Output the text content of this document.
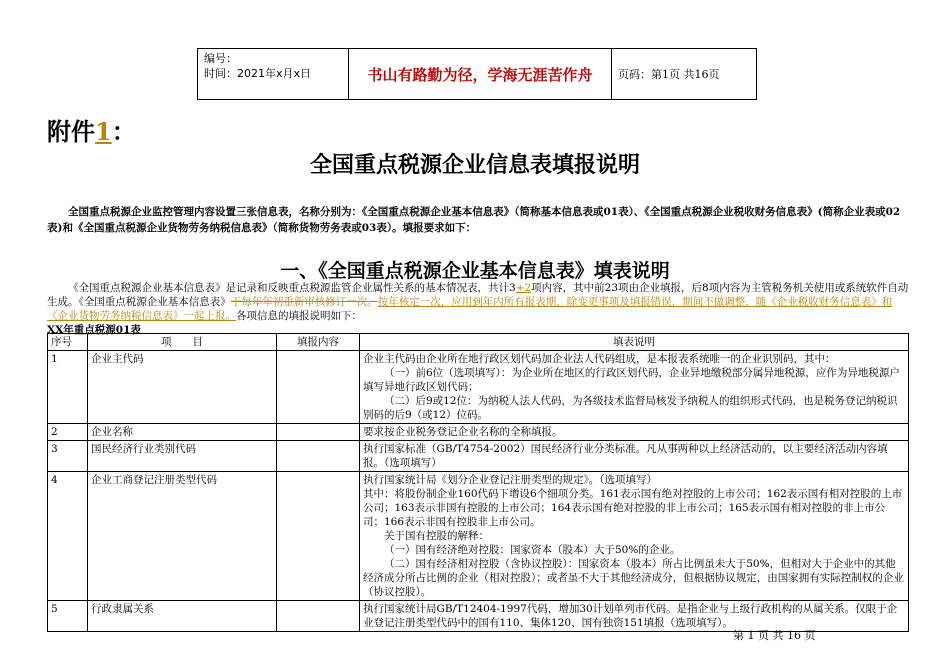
编号：
时间：2021年x月x日	书山有路勤为径，学海无涯苦作舟	页码：第1页 共16页
附件1：
全国重点税源企业信息表填报说明
全国重点税源企业监控管理内容设置三张信息表，名称分别为：《全国重点税源企业基本信息表》（简称基本信息表或01表）、《全国重点税源企业税收财务信息表》(简称企业表或02表)和《全国重点税源企业货物劳务纳税信息表》（简称货物劳务表或03表）。填报要求如下：
一、《全国重点税源企业基本信息表》填表说明
《全国重点税源企业基本信息表》是记录和反映重点税源监管企业属性关系的基本情况表，共计3+2项内容，其中前23项由企业填报，后8项内容为主管税务机关使用或系统软件自动生成。《全国重点税源企业基本信息表》于每年年初重新审核修订一次。按年核定一次，应用到年内所有报表期，除变更事项及填报错误，期间不做调整，随《企业税收财务信息表》和《企业货物劳务纳税信息表》一起上报。各项信息的填报说明如下：
XX年重点税源01表
序号	项　　目	填报内容	填表说明
1	企业主代码		企业主代码由企业所在地行政区划代码加企业法人代码组成，是本报表系统唯一的企业识别码，其中：
（一）前6位（选项填写）：为企业所在地区的行政区划代码，企业异地缴税部分属异地税源，应作为异地税源户填写异地行政区划代码；
（二）后9或12位：为纳税人法人代码，为各级技术监督局核发予纳税人的组织形式代码，也是税务登记纳税识别码的后9（或12）位码。

2	企业名称		要求按企业税务登记企业名称的全称填报。
3	国民经济行业类别代码		执行国家标准（GB/T4754-2002）国民经济行业分类标准。凡从事两种以上经济活动的，以主要经济活动内容填报。（选项填写）
4	企业工商登记注册类型代码		执行国家统计局《划分企业登记注册类型的规定》。（选项填写）
其中：将股份制企业160代码下增设6个细项分类。161表示国有绝对控股的上市公司；162表示国有相对控股的上市公司；163表示非国有控股的上市公司；164表示国有绝对控股的非上市公司；165表示国有相对控股的非上市公司；166表示非国有控股非上市公司。
关于国有控股的解释：
（一）国有经济绝对控股：国家资本（股本）大于50%的企业。
（二）国有经济相对控股（含协议控股）：国家资本（股本）所占比例虽未大于50%，但相对大于企业中的其他经济成分所占比例的企业（相对控股）；或者虽不大于其他经济成分，但根据协议规定，由国家拥有实际控制权的企业（协议控股）。

5	行政隶属关系		执行国家统计局GB/T12404-1997代码，增加30计划单列市代码。是指企业与上级行政机构的从属关系。仅限于企业登记注册类型代码中的国有110、集体120、国有独资151填报（选项填写）。
第 1 页 共 16 页
